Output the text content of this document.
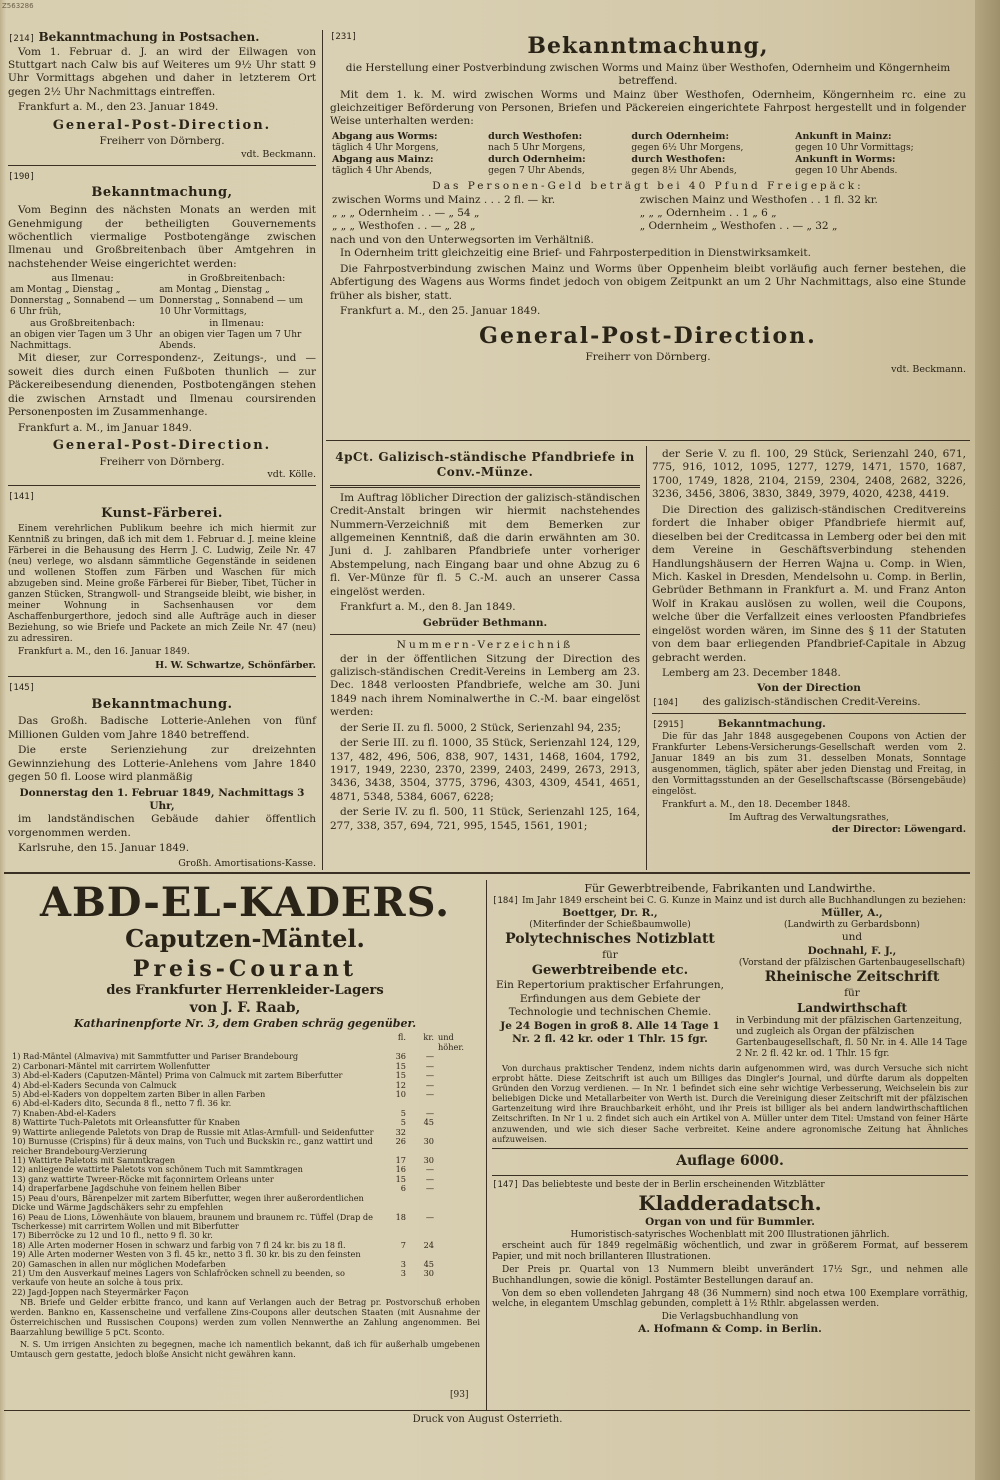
Z563286
[214] Bekanntmachung in Postsachen.

Vom 1. Februar d. J. an wird der Eilwagen von Stuttgart nach Calw bis auf Weiteres um 9½ Uhr statt 9 Uhr Vormittags abgehen und daher in letzterem Ort gegen 2½ Uhr Nachmittags eintreffen.

Frankfurt a. M., den 23. Januar 1849.

General-Post-Direction.
Freiherr von Dörnberg.
vdt. Beckmann.
[190]
Bekanntmachung,

Vom Beginn des nächsten Monats an werden mit Genehmigung der betheiligten Gouvernements wöchentlich viermalige Postbotengänge zwischen Ilmenau und Großbreitenbach über Amtgehren in nachstehender Weise eingerichtet werden:

aus Ilmenau:	in Großbreitenbach:
am Montag „ Dienstag „ Donnerstag „ Sonnabend — um 6 Uhr früh,	am Montag „ Dienstag „ Donnerstag „ Sonnabend — um 10 Uhr Vormittags,
aus Großbreitenbach:	in Ilmenau:
an obigen vier Tagen um 3 Uhr Nachmittags.	an obigen vier Tagen um 7 Uhr Abends.

Mit dieser, zur Correspondenz-, Zeitungs-, und — soweit dies durch einen Fußboten thunlich — zur Päckereibesendung dienenden, Postbotengängen stehen die zwischen Arnstadt und Ilmenau coursirenden Personenposten im Zusammenhange.

Frankfurt a. M., im Januar 1849.

General-Post-Direction.
Freiherr von Dörnberg.
vdt. Kölle.
[141]
Kunst-Färberei.

Einem verehrlichen Publikum beehre ich mich hiermit zur Kenntniß zu bringen, daß ich mit dem 1. Februar d. J. meine kleine Färberei in die Behausung des Herrn J. C. Ludwig, Zeile Nr. 47 (neu) verlege, wo alsdann sämmtliche Gegenstände in seidenen und wollenen Stoffen zum Färben und Waschen für mich abzugeben sind. Meine große Färberei für Bieber, Tibet, Tücher in ganzen Stücken, Strangwoll- und Strangseide bleibt, wie bisher, in meiner Wohnung in Sachsenhausen vor dem Aschaffenburgerthore, jedoch sind alle Aufträge auch in dieser Beziehung, so wie Briefe und Packete an mich Zeile Nr. 47 (neu) zu adressiren.

Frankfurt a. M., den 16. Januar 1849.

H. W. Schwartze, Schönfärber.
[145]
Bekanntmachung.

Das Großh. Badische Lotterie-Anlehen von fünf Millionen Gulden vom Jahre 1840 betreffend.

Die erste Serienziehung zur dreizehnten Gewinnziehung des Lotterie-Anlehens vom Jahre 1840 gegen 50 fl. Loose wird planmäßig

Donnerstag den 1. Februar 1849, Nachmittags 3 Uhr,

im landständischen Gebäude dahier öffentlich vorgenommen werden.

Karlsruhe, den 15. Januar 1849.

Großh. Amortisations-Kasse.
[231]	Bekanntmachung,
die Herstellung einer Postverbindung zwischen Worms und Mainz über Westhofen, Odernheim und Köngernheim betreffend.

Mit dem 1. k. M. wird zwischen Worms und Mainz über Westhofen, Odernheim, Köngernheim rc. eine zu gleichzeitiger Beförderung von Personen, Briefen und Päckereien eingerichtete Fahrpost hergestellt und in folgender Weise unterhalten werden:

Abgang aus Worms:	durch Westhofen:	durch Odernheim:	Ankunft in Mainz:
täglich 4 Uhr Morgens,	nach 5 Uhr Morgens,	gegen 6½ Uhr Morgens,	gegen 10 Uhr Vormittags;
Abgang aus Mainz:	durch Odernheim:	durch Westhofen:	Ankunft in Worms:
täglich 4 Uhr Abends,	gegen 7 Uhr Abends,	gegen 8½ Uhr Abends,	gegen 10 Uhr Abends.
Das Personen-Geld beträgt bei 40 Pfund Freigepäck:
zwischen Worms und Mainz . . . 2 fl. — kr.	zwischen Mainz und Westhofen . . 1 fl. 32 kr.
„ „ „ Odernheim . . — „ 54 „	„ „ „ Odernheim . . 1 „ 6 „
„ „ „ Westhofen . . — „ 28 „	„ Odernheim „ Westhofen . . — „ 32 „
nach und von den Unterwegsorten im Verhältniß.

In Odernheim tritt gleichzeitig eine Brief- und Fahrposterpedition in Dienstwirksamkeit.

Die Fahrpostverbindung zwischen Mainz und Worms über Oppenheim bleibt vorläufig auch ferner bestehen, die Abfertigung des Wagens aus Worms findet jedoch von obigem Zeitpunkt an um 2 Uhr Nachmittags, also eine Stunde früher als bisher, statt.

Frankfurt a. M., den 25. Januar 1849.

General-Post-Direction.
Freiherr von Dörnberg.
vdt. Beckmann.
4pCt. Galizisch-ständische Pfandbriefe in Conv.-Münze.

Im Auftrag löblicher Direction der galizisch-ständischen Credit-Anstalt bringen wir hiermit nachstehendes Nummern-Verzeichniß mit dem Bemerken zur allgemeinen Kenntniß, daß die darin erwähnten am 30. Juni d. J. zahlbaren Pfandbriefe unter vorheriger Abstempelung, nach Eingang baar und ohne Abzug zu 6 fl. Ver-Münze für fl. 5 C.-M. auch an unserer Cassa eingelöst werden.

Frankfurt a. M., den 8. Jan 1849.

Gebrüder Bethmann.
Nummern-Verzeichniß

der in der öffentlichen Sitzung der Direction des galizisch-ständischen Credit-Vereins in Lemberg am 23. Dec. 1848 verloosten Pfandbriefe, welche am 30. Juni 1849 nach ihrem Nominalwerthe in C.-M. baar eingelöst werden:

der Serie II. zu fl. 5000, 2 Stück, Serienzahl 94, 235;

der Serie III. zu fl. 1000, 35 Stück, Serienzahl 124, 129, 137, 482, 496, 506, 838, 907, 1431, 1468, 1604, 1792, 1917, 1949, 2230, 2370, 2399, 2403, 2499, 2673, 2913, 3436, 3438, 3504, 3775, 3796, 4303, 4309, 4541, 4651, 4871, 5348, 5384, 6067, 6228;

der Serie IV. zu fl. 500, 11 Stück, Serienzahl 125, 164, 277, 338, 357, 694, 721, 995, 1545, 1561, 1901;

der Serie V. zu fl. 100, 29 Stück, Serienzahl 240, 671, 775, 916, 1012, 1095, 1277, 1279, 1471, 1570, 1687, 1700, 1749, 1828, 2104, 2159, 2304, 2408, 2682, 3226, 3236, 3456, 3806, 3830, 3849, 3979, 4020, 4238, 4419.

Die Direction des galizisch-ständischen Creditvereins fordert die Inhaber obiger Pfandbriefe hiermit auf, dieselben bei der Creditcassa in Lemberg oder bei den mit dem Vereine in Geschäftsverbindung stehenden Handlungshäusern der Herren Wajna u. Comp. in Wien, Mich. Kaskel in Dresden, Mendelsohn u. Comp. in Berlin, Gebrüder Bethmann in Frankfurt a. M. und Franz Anton Wolf in Krakau auslösen zu wollen, weil die Coupons, welche über die Verfallzeit eines verloosten Pfandbriefes eingelöst worden wären, im Sinne des § 11 der Statuten von dem baar erliegenden Pfandbrief-Capitale in Abzug gebracht werden.

Lemberg am 23. December 1848.

Von der Direction
[104] des galizisch-ständischen Credit-Vereins.
[2915]	Bekanntmachung.

Die für das Jahr 1848 ausgegebenen Coupons von Actien der Frankfurter Lebens-Versicherungs-Gesellschaft werden vom 2. Januar 1849 an bis zum 31. desselben Monats, Sonntage ausgenommen, täglich, später aber jeden Dienstag und Freitag, in den Vormittagsstunden an der Gesellschaftscasse (Börsengebäude) eingelöst.

Frankfurt a. M., den 18. December 1848.

Im Auftrag des Verwaltungsrathes,
der Director: Löwengard.
ABD-EL-KADERS.
Caputzen-Mäntel.
Preis-Courant
des Frankfurter Herrenkleider-Lagers
von J. F. Raab,
Katharinenpforte Nr. 3, dem Graben schräg gegenüber.
	fl.	kr.	und höher.
1) Rad-Mäntel (Almaviva) mit Sammtfutter und Pariser Brandebourg	36	—	
2) Carbonari-Mäntel mit carrirtem Wollenfutter	15	—	
3) Abd-el-Kaders (Caputzen-Mäntel) Prima von Calmuck mit zartem Biberfutter	15	—	
4) Abd-el-Kaders Secunda von Calmuck	12	—	
5) Abd-el-Kaders von doppeltem zarten Biber in allen Farben	10	—	
6) Abd-el-Kaders dito, Secunda 8 fl., netto 7 fl. 36 kr.			
7) Knaben-Abd-el-Kaders	5	—	
8) Wattirte Tuch-Paletots mit Orleansfutter für Knaben	5	45	
9) Wattirte anliegende Paletots von Drap de Russie mit Atlas-Armfull- und Seidenfutter	32		
10) Burnusse (Crispins) für ä deux mains, von Tuch und Buckskin rc., ganz wattirt und reicher Brandebourg-Verzierung	26	30	
11) Wattirte Paletots mit Sammtkragen	17	30	
12) anliegende wattirte Paletots von schönem Tuch mit Sammtkragen	16	—	
13) ganz wattirte Twreer-Röcke mit façonnirtem Orleans unter	15	—	
14) draperfarbene Jagdschuhe von feinem hellen Biber	6	—	
15) Peau d'ours, Bärenpelzer mit zartem Biberfutter, wegen ihrer außerordentlichen Dicke und Wärme Jagdschäkers sehr zu empfehlen			
16) Peau de Lions, Löwenhäute von blauem, braunem und braunem rc. Tüffel (Drap de Tscherkesse) mit carrirtem Wollen und mit Biberfutter	18	—	
17) Biberröcke zu 12 und 10 fl., netto 9 fl. 30 kr.			
18) Alle Arten moderner Hosen in schwarz und farbig von 7 fl 24 kr. bis zu 18 fl.	7	24	
19) Alle Arten moderner Westen von 3 fl. 45 kr., netto 3 fl. 30 kr. bis zu den feinsten			
20) Gamaschen in allen nur möglichen Modefarben	3	45	
21) Um den Ausverkauf meines Lagers von Schlafröcken schnell zu beenden, so verkaufe von heute an solche à tous prix.	3	30	
22) Jagd-Joppen nach Steyermärker Façon			

NB. Briefe und Gelder erbitte franco, und kann auf Verlangen auch der Betrag pr. Postvorschuß erhoben werden. Bankno en, Kassenscheine und verfallene Zins-Coupons aller deutschen Staaten (mit Ausnahme der Österreichischen und Russischen Coupons) werden zum vollen Nennwerthe an Zahlung angenommen. Bei Baarzahlung bewillige 5 pCt. Sconto.

N. S. Um irrigen Ansichten zu begegnen, mache ich namentlich bekannt, daß ich für außerhalb umgebenen Umtausch gern gestatte, jedoch bloße Ansicht nicht gewähren kann.

Für Gewerbtreibende, Fabrikanten und Landwirthe.
[184] Im Jahr 1849 erscheint bei C. G. Kunze in Mainz und ist durch alle Buchhandlungen zu beziehen:
Boettger, Dr. R.,
(Miterfinder der Schießbaumwolle)
Polytechnisches Notizblatt
für
Gewerbtreibende etc.
Ein Repertorium praktischer Erfahrungen, Erfindungen aus dem Gebiete der Technologie und technischen Chemie.
Je 24 Bogen in groß 8. Alle 14 Tage 1 Nr. 2 fl. 42 kr. oder 1 Thlr. 15 fgr.
Müller, A.,
(Landwirth zu Gerbardsbonn)
und
Dochnahl, F. J.,
(Vorstand der pfälzischen Gartenbaugesellschaft)
Rheinische Zeitschrift
für
Landwirthschaft
in Verbindung mit der pfälzischen Gartenzeitung, und zugleich als Organ der pfälzischen Gartenbaugesellschaft, fl. 50 Nr. in 4. Alle 14 Tage 2 Nr. 2 fl. 42 kr. od. 1 Thlr. 15 fgr.

Von durchaus praktischer Tendenz, indem nichts darin aufgenommen wird, was durch Versuche sich nicht erprobt hätte. Diese Zeitschrift ist auch um Billiges das Dingler's Journal, und dürfte darum als doppelten Gründen den Vorzug verdienen. — In Nr. 1 befindet sich eine sehr wichtige Verbesserung, Weichselein bis zur beliebigen Dicke und Metallarbeiter von Werth ist. Durch die Vereinigung dieser Zeitschrift mit der pfälzischen Gartenzeitung wird ihre Brauchbarkeit erhöht, und ihr Preis ist billiger als bei andern landwirthschaftlichen Zeitschriften. In Nr 1 u. 2 findet sich auch ein Artikel von A. Müller unter dem Titel: Umstand von feiner Härte anzuwenden, und wie sich dieser Sache verbreitet. Keine andere agronomische Zeitung hat Ähnliches aufzuweisen.

Auflage 6000.
[147] Das beliebteste und beste der in Berlin erscheinenden Witzblätter
Kladderadatsch.
Organ von und für Bummler.
Humoristisch-satyrisches Wochenblatt mit 200 Illustrationen jährlich.

erscheint auch für 1849 regelmäßig wöchentlich, und zwar in größerem Format, auf besserem Papier, und mit noch brillanteren Illustrationen.

Der Preis pr. Quartal von 13 Nummern bleibt unverändert 17½ Sgr., und nehmen alle Buchhandlungen, sowie die königl. Postämter Bestellungen darauf an.

Von dem so eben vollendeten Jahrgang 48 (36 Nummern) sind noch etwa 100 Exemplare vorräthig, welche, in elegantem Umschlag gebunden, complett à 1½ Rthlr. abgelassen werden.

Die Verlagsbuchhandlung von
A. Hofmann & Comp. in Berlin.
[93]
Druck von August Osterrieth.
